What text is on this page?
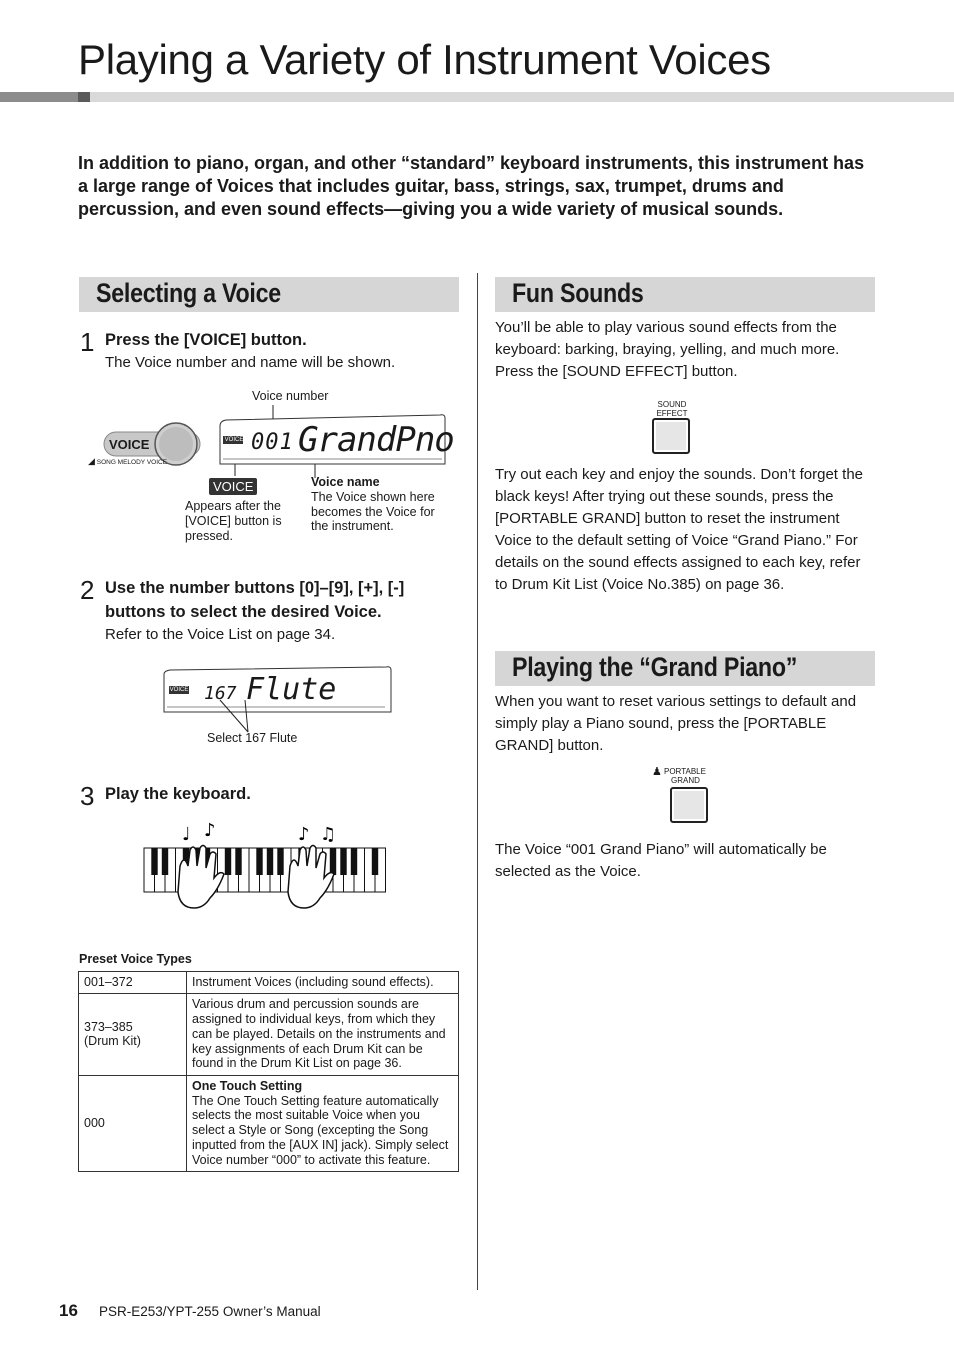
Playing a Variety of Instrument Voices
In addition to piano, organ, and other “standard” keyboard instruments, this instrument has a large range of Voices that includes guitar, bass, strings, sax, trumpet, drums and percussion, and even sound effects—giving you a wide variety of musical sounds.
Selecting a Voice
1 Press the [VOICE] button.
The Voice number and name will be shown.
Voice number
VOICE
◢ SONG MELODY VOICE
VOICE 001 GrandPno
VOICE
Appears after the [VOICE] button is pressed.
Voice name
The Voice shown here becomes the Voice for the instrument.
2 Use the number buttons [0]–[9], [+], [-] buttons to select the desired Voice.
Refer to the Voice List on page 34.
VOICE 167 Flute
Select 167 Flute
3 Play the keyboard.
♩ ♪	♪ ♫
Preset Voice Types
001–372	Instrument Voices (including sound effects).

373–385 (Drum Kit)	Various drum and percussion sounds are assigned to individual keys, from which they can be played. Details on the instruments and key assignments of each Drum Kit can be found in the Drum Kit List on page 36.
000	One Touch Setting
The One Touch Setting feature automatically selects the most suitable Voice when you select a Style or Song (excepting the Song inputted from the [AUX IN] jack). Simply select Voice number “000” to activate this feature.
Fun Sounds
You’ll be able to play various sound effects from the keyboard: barking, braying, yelling, and much more. Press the [SOUND EFFECT] button.
SOUND
EFFECT
Try out each key and enjoy the sounds. Don’t forget the black keys! After trying out these sounds, press the [PORTABLE GRAND] button to reset the instrument Voice to the default setting of Voice “Grand Piano.” For details on the sound effects assigned to each key, refer to Drum Kit List (Voice No.385) on page 36.
Playing the “Grand Piano”
When you want to reset various settings to default and simply play a Piano sound, press the [PORTABLE GRAND] button.
♟ PORTABLE
GRAND
The Voice “001 Grand Piano” will automatically be selected as the Voice.
16 PSR-E253/YPT-255 Owner’s Manual
